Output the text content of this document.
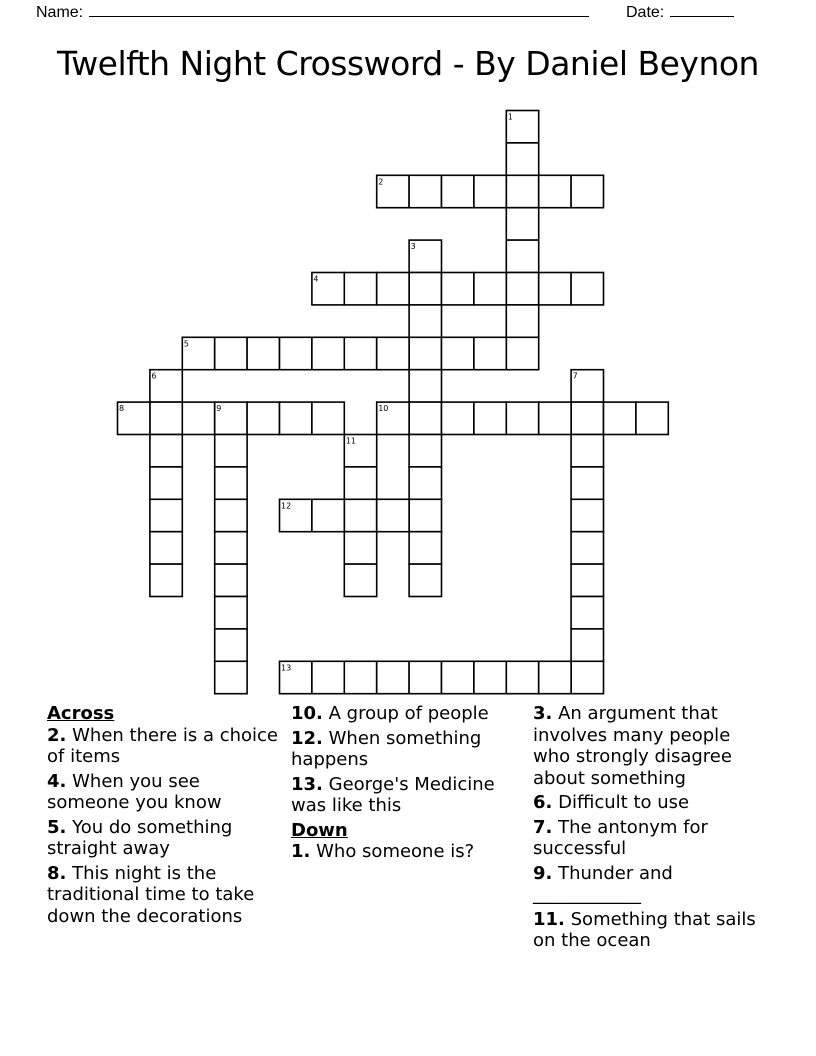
Name:	Date:
Twelfth Night Crossword - By Daniel Beynon
1
2
3
4
5
6	7
8	9	10
11
12
13
Across
2. When there is a choice of items
4. When you see someone you know
5. You do something straight away
8. This night is the traditional time to take down the decorations
10. A group of people
12. When something happens
13. George's Medicine was like this
Down
1. Who someone is?
3. An argument that involves many people who strongly disagree about something
6. Difficult to use
7. The antonym for successful
9. Thunder and ____________
11. Something that sails on the ocean
